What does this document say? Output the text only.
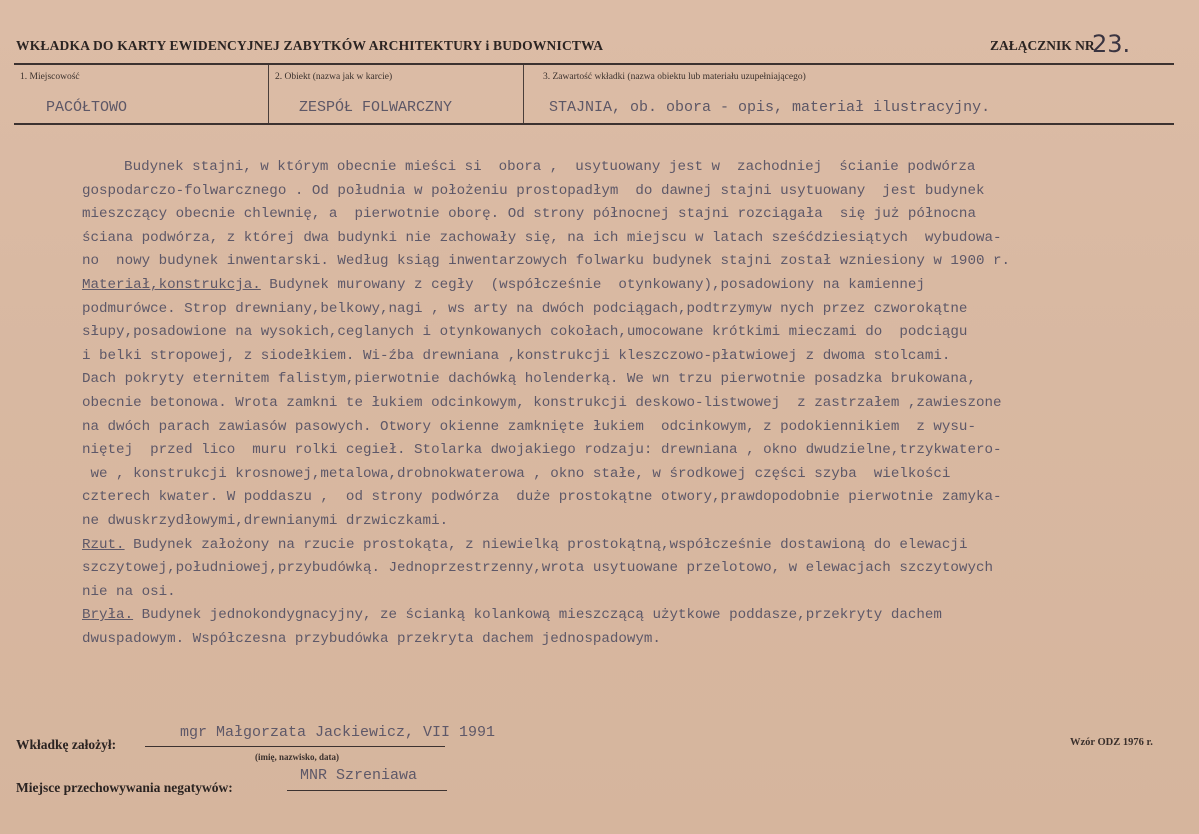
WKŁADKA DO KARTY EWIDENCYJNEJ ZABYTKÓW ARCHITEKTURY i BUDOWNICTWA	ZAŁĄCZNIK NR
23.
1. Miejscowość	2. Obiekt (nazwa jak w karcie)	3. Zawartość wkładki (nazwa obiektu lub materiału uzupełniającego)
PACÓŁTOWO	ZESPÓŁ FOLWARCZNY	STAJNIA, ob. obora - opis, materiał ilustracyjny.
Budynek stajni, w którym obecnie mieści si  obora ,  usytuowany jest w  zachodniej  ścianie podwórza
gospodarczo-folwarcznego . Od południa w położeniu prostopadłym  do dawnej stajni usytuowany  jest budynek
mieszczący obecnie chlewnię, a  pierwotnie oborę. Od strony północnej stajni rozciągała  się już północna
ściana podwórza, z której dwa budynki nie zachowały się, na ich miejscu w latach sześćdziesiątych  wybudowa-
no  nowy budynek inwentarski. Według ksiąg inwentarzowych folwarku budynek stajni został wzniesiony w 1900 r.
Materiał,konstrukcja. Budynek murowany z cegły  (współcześnie  otynkowany),posadowiony na kamiennej
podmurówce. Strop drewniany,belkowy,nagi , ws arty na dwóch podciągach,podtrzymyw nych przez czworokątne
słupy,posadowione na wysokich,ceglanych i otynkowanych cokołach,umocowane krótkimi mieczami do  podciągu
i belki stropowej, z siodełkiem. Wi-źba drewniana ,konstrukcji kleszczowo-płatwiowej z dwoma stolcami.
Dach pokryty eternitem falistym,pierwotnie dachówką holenderką. We wn trzu pierwotnie posadzka brukowana,
obecnie betonowa. Wrota zamkni te łukiem odcinkowym, konstrukcji deskowo-listwowej  z zastrzałem ,zawieszone
na dwóch parach zawiasów pasowych. Otwory okienne zamknięte łukiem  odcinkowym, z podokiennikiem  z wysu-
niętej  przed lico  muru rolki cegieł. Stolarka dwojakiego rodzaju: drewniana , okno dwudzielne,trzykwatero-
we , konstrukcji krosnowej,metalowa,drobnokwaterowa , okno stałe, w środkowej części szyba  wielkości
czterech kwater. W poddaszu ,  od strony podwórza  duże prostokątne otwory,prawdopodobnie pierwotnie zamyka-
ne dwuskrzydłowymi,drewnianymi drzwiczkami.
Rzut. Budynek założony na rzucie prostokąta, z niewielką prostokątną,współcześnie dostawioną do elewacji
szczytowej,południowej,przybudówką. Jednoprzestrzenny,wrota usytuowane przelotowo, w elewacjach szczytowych
nie na osi.
Bryła. Budynek jednokondygnacyjny, ze ścianką kolankową mieszczącą użytkowe poddasze,przekryty dachem
dwuspadowym. Współczesna przybudówka przekryta dachem jednospadowym.
Wkładkę założył:
mgr Małgorzata Jackiewicz, VII 1991
(imię, nazwisko, data)
Miejsce przechowywania negatywów:
MNR Szreniawa
Wzór ODZ 1976 r.
